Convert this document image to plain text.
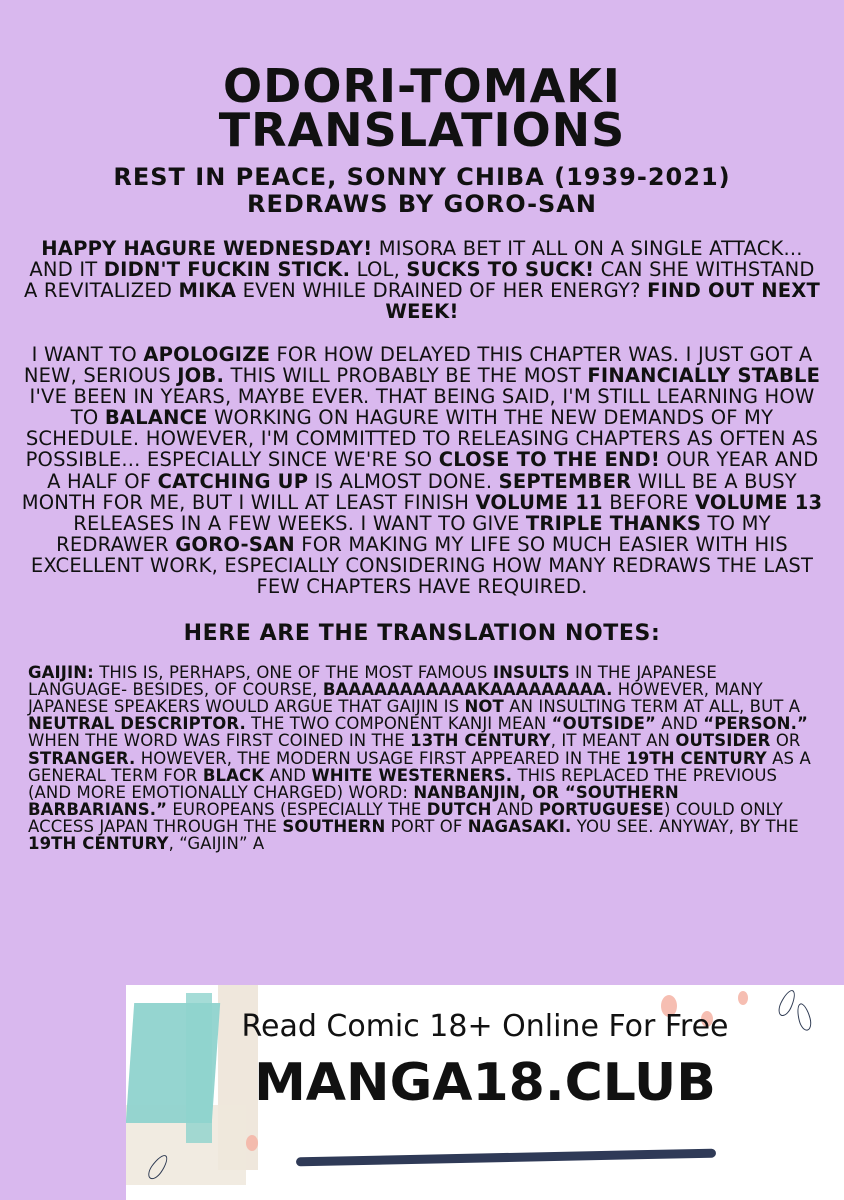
ODORI-TOMAKI
TRANSLATIONS
REST IN PEACE, SONNY CHIBA (1939-2021)
REDRAWS BY GORO-SAN
HAPPY HAGURE WEDNESDAY! MISORA BET IT ALL ON A SINGLE ATTACK... AND IT DIDN'T FUCKIN STICK. LOL, SUCKS TO SUCK! CAN SHE WITHSTAND A REVITALIZED MIKA EVEN WHILE DRAINED OF HER ENERGY? FIND OUT NEXT WEEK!
I WANT TO APOLOGIZE FOR HOW DELAYED THIS CHAPTER WAS. I JUST GOT A NEW, SERIOUS JOB. THIS WILL PROBABLY BE THE MOST FINANCIALLY STABLE I'VE BEEN IN YEARS, MAYBE EVER. THAT BEING SAID, I'M STILL LEARNING HOW TO BALANCE WORKING ON HAGURE WITH THE NEW DEMANDS OF MY SCHEDULE. HOWEVER, I'M COMMITTED TO RELEASING CHAPTERS AS OFTEN AS POSSIBLE... ESPECIALLY SINCE WE'RE SO CLOSE TO THE END! OUR YEAR AND A HALF OF CATCHING UP IS ALMOST DONE. SEPTEMBER WILL BE A BUSY MONTH FOR ME, BUT I WILL AT LEAST FINISH VOLUME 11 BEFORE VOLUME 13 RELEASES IN A FEW WEEKS. I WANT TO GIVE TRIPLE THANKS TO MY REDRAWER GORO-SAN FOR MAKING MY LIFE SO MUCH EASIER WITH HIS EXCELLENT WORK, ESPECIALLY CONSIDERING HOW MANY REDRAWS THE LAST FEW CHAPTERS HAVE REQUIRED.
HERE ARE THE TRANSLATION NOTES:
GAIJIN: THIS IS, PERHAPS, ONE OF THE MOST FAMOUS INSULTS IN THE JAPANESE LANGUAGE- BESIDES, OF COURSE, BAAAAAAAAAAAKAAAAAAAAA. HOWEVER, MANY JAPANESE SPEAKERS WOULD ARGUE THAT GAIJIN IS NOT AN INSULTING TERM AT ALL, BUT A NEUTRAL DESCRIPTOR. THE TWO COMPONENT KANJI MEAN “OUTSIDE” AND “PERSON.” WHEN THE WORD WAS FIRST COINED IN THE 13TH CENTURY, IT MEANT AN OUTSIDER OR STRANGER. HOWEVER, THE MODERN USAGE FIRST APPEARED IN THE 19TH CENTURY AS A GENERAL TERM FOR BLACK AND WHITE WESTERNERS. THIS REPLACED THE PREVIOUS (AND MORE EMOTIONALLY CHARGED) WORD: NANBANJIN, OR “SOUTHERN BARBARIANS.” EUROPEANS (ESPECIALLY THE DUTCH AND PORTUGUESE) COULD ONLY ACCESS JAPAN THROUGH THE SOUTHERN PORT OF NAGASAKI. YOU SEE. ANYWAY, BY THE 19TH CENTURY, “GAIJIN” A
Read Comic 18+ Online For Free
MANGA18.CLUB
